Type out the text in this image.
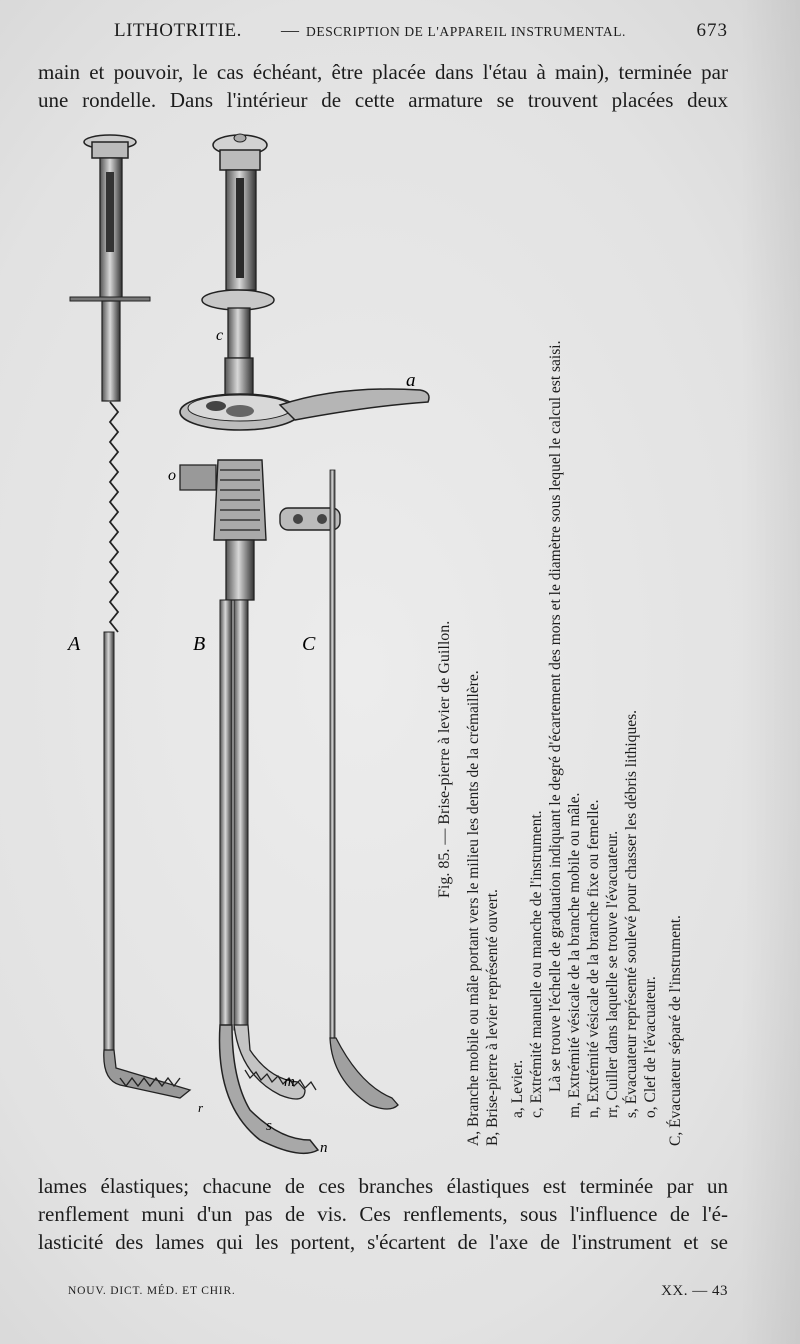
LITHOTRITIE. — DESCRIPTION DE L'APPAREIL INSTRUMENTAL.	673
main et pouvoir, le cas échéant, être placée dans l'étau à main), terminée par
une rondelle. Dans l'intérieur de cette armature se trouvent placées deux
A	B	C
a
c
o
m
n
r
s
Fig. 85. — Brise-pierre à levier de Guillon. A, Branche mobile ou mâle portant vers le milieu les dents de la crémaillère. B, Brise-pierre à levier représenté ouvert. a, Levier. c, Extrémité manuelle ou manche de l'instrument. Là se trouve l'échelle de graduation indiquant le degré d'écartement des mors et le diamètre sous lequel le calcul est saisi. m, Extrémité vésicale de la branche mobile ou mâle. n, Extrémité vésicale de la branche fixe ou femelle. rr, Cuiller dans laquelle se trouve l'évacuateur. s, Évacuateur représenté soulevé pour chasser les débris lithiques. o, Clef de l'évacuateur. C, Évacuateur séparé de l'instrument.
lames élastiques; chacune de ces branches élastiques est terminée par un
renflement muni d'un pas de vis. Ces renflements, sous l'influence de l'é-
lasticité des lames qui les portent, s'écartent de l'axe de l'instrument et se
NOUV. DICT. MÉD. ET CHIR.	XX. — 43
